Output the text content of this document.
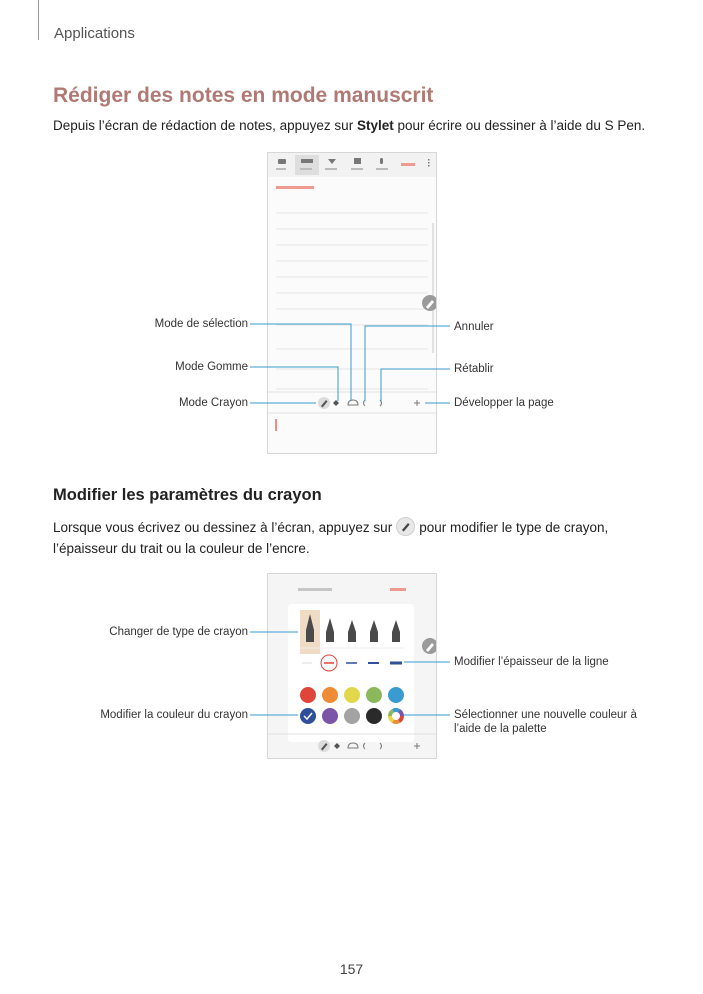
Applications
Rédiger des notes en mode manuscrit
Depuis l’écran de rédaction de notes, appuyez sur Stylet pour écrire ou dessiner à l’aide du S Pen.
Mode de sélection
Mode Gomme
Mode Crayon
Annuler
Rétablir
Développer la page
Modifier les paramètres du crayon
Lorsque vous écrivez ou dessinez à l’écran, appuyez sur pour modifier le type de crayon, l’épaisseur du trait ou la couleur de l’encre.
Changer de type de crayon
Modifier l’épaisseur de la ligne
Modifier la couleur du crayon	Sélectionner une nouvelle couleur à
l’aide de la palette
157
